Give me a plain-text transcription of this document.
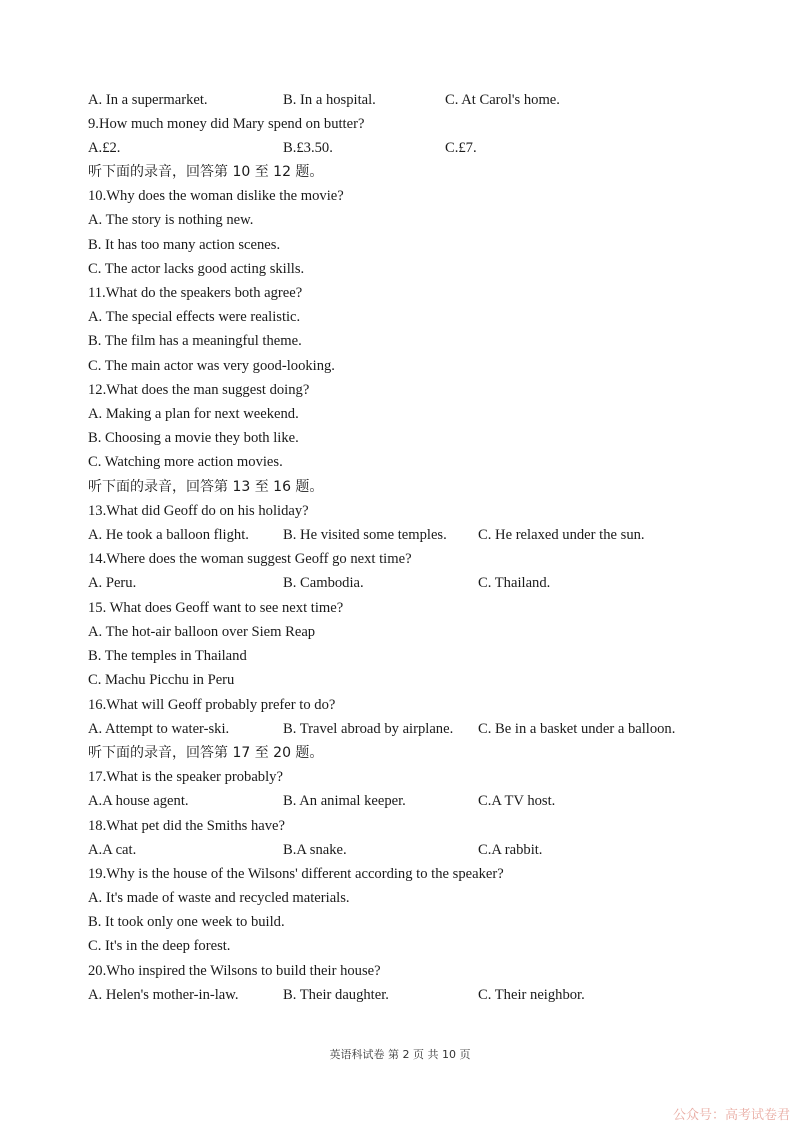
A. In a supermarket.	B. In a hospital.	C. At Carol's home.
9.How much money did Mary spend on butter?
A.£2.	B.£3.50.	C.£7.
听下面的录音，回答第 10 至 12 题。
10.Why does the woman dislike the movie?
A. The story is nothing new.
B. It has too many action scenes.
C. The actor lacks good acting skills.
11.What do the speakers both agree?
A. The special effects were realistic.
B. The film has a meaningful theme.
C. The main actor was very good-looking.
12.What does the man suggest doing?
A. Making a plan for next weekend.
B. Choosing a movie they both like.
C. Watching more action movies.
听下面的录音，回答第 13 至 16 题。
13.What did Geoff do on his holiday?
A. He took a balloon flight. B. He visited some temples. C. He relaxed under the sun.
14.Where does the woman suggest Geoff go next time?
A. Peru.	B. Cambodia.	C. Thailand.
15. What does Geoff want to see next time?
A. The hot-air balloon over Siem Reap
B. The temples in Thailand
C. Machu Picchu in Peru
16.What will Geoff probably prefer to do?
A. Attempt to water-ski.	B. Travel abroad by airplane. C. Be in a basket under a balloon.
听下面的录音，回答第 17 至 20 题。
17.What is the speaker probably?
A.A house agent.	B. An animal keeper.	C.A TV host.
18.What pet did the Smiths have?
A.A cat.	B.A snake.	C.A rabbit.
19.Why is the house of the Wilsons' different according to the speaker?
A. It's made of waste and recycled materials.
B. It took only one week to build.
C. It's in the deep forest.
20.Who inspired the Wilsons to build their house?
A. Helen's mother-in-law.	B. Their daughter.	C. Their neighbor.
英语科试卷 第 2 页 共 10 页
公众号：高考试卷君
